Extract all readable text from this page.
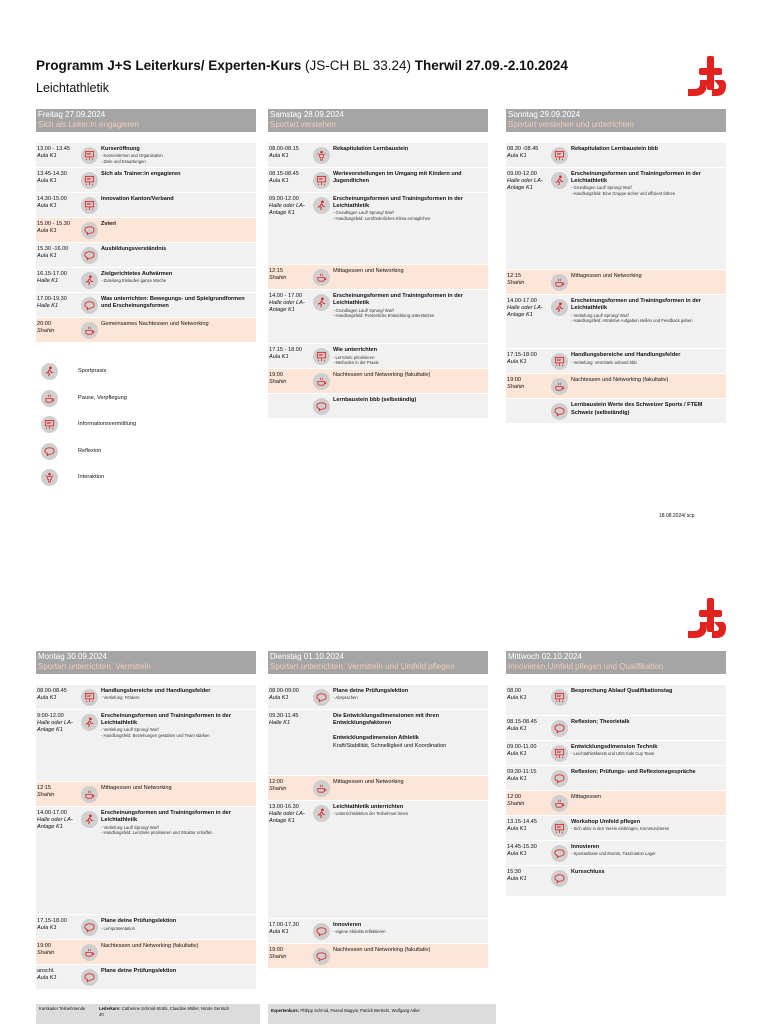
Programm J+S Leiterkurs/ Experten-Kurs (JS-CH BL 33.24) Therwil 27.09.-2.10.2024
Leichtathletik
Freitag 27.09.2024
Sich als Leiter:in engagieren
13.00 - 13.45
Aula K1
Kurseröffnung
- Kennenlernen und Organisation
- Ziele und Erwartungen
13.45-14.30
Aula K1
Sich als Trainer:in engagieren
14.30-15.00
Aula K1
Innovation Kanton/Verband
15.00 - 15.30
Aula K1
Zvieri
15.30 -16.00
Aula K1
Ausbildungsverständnis
16.15-17.00
Halle K1
Zielgerichtetes Aufwärmen
- Zuteilung Einlaufen ganze Woche
17.00-19.30
Halle K1
Was unterrichten: Bewegungs- und Spielgrundformen und Erscheinungsformen
20:00
Shahin
Gemeinsames Nachtessen und Networking
Samstag 28.09.2024
Sportart verstehen
08.00-08.15
Aula K1
Rekapitulation Lernbaustein
08.15-08.45
Aula K1
Wertevorstellungen im Umgang mit Kindern und Jugendlichen
09.00-12.00
Halle oder LA-Anlage K1
Erscheinungsformen und Trainingsformen in der Leichtathletik
- Grundlagen Lauf/ Sprung/ Wurf
- Handlungsfeld: Lernförderliches Klima ermöglichen
12:15
Shahin
Mittagessen und Networking
14.00 - 17.00
Halle oder LA-Anlage K1
Erscheinungsformen und Trainingsformen in der Leichtathletik
- Grundlagen Lauf/ Sprung/ Wurf
- Handlungsfeld: Persönliche Entwicklung unterstützen
17.15 - 18.00
Aula K1
Wie unterrichten
- Lernziele priorisieren
- Methoden in der Praxis
19:00
Shahin
Nachtessen und Networking (fakultativ)
Lernbaustein bbb (selbständig)
Sonntag 29.09.2024
Sportart verstehen und unterrichten
08.30 -08.45
Aula K1
Rekapitulation Lernbaustein bbb
09.00-12.00
Halle oder LA-Anlage K1
Erscheinungsformen und Trainingsformen in der Leichtathletik
- Grundlagen Lauf/ Sprung/ Wurf
- Handlungsfeld: Eine Gruppe sicher und effizient führen
12:15
Shahin
Mittagessen und Networking
14.00-17.00
Halle oder LA-Anlage K1
Erscheinungsformen und Trainingsformen in der Leichtathletik
- Vertiefung Lauf/ Sprung/ Wurf
- Handlungsfeld: Attraktive Aufgaben stellen und Feedback geben
17:15-18:00
Aula K1
Handlungsbereiche und Handlungsfelder
- Vertiefung: Vermitteln anhand bbb
19:00
Shahin
Nachtessen und Networking (fakultativ)
Lernbaustein Werte des Schweizer Sports / FTEM Schweiz (selbständig)
Montag 30.09.2024
Sportart unterrichten: Vermitteln
08.00-08.45
Aula K1
Handlungsbereiche und Handlungsfelder
- Vertiefung: Fördern
9:00-12.00
Halle oder LA-Anlage K1
Erscheinungsformen und Trainingsformen in der Leichtathletik
- Vertiefung Lauf/ Sprung/ Wurf
- Handlungsfeld: Beziehungen gestalten und Team stärken
12:15
Shahin
Mittagessen und Networking
14.00-17.00
Halle oder LA-Anlage K1
Erscheinungsformen und Trainingsformen in der Leichtathletik
- Vertiefung Lauf/ Sprung/ Wurf
- Handlungsfeld: Lernziele priorisieren und Struktur schaffen
17.15-18.00
Aula K1
Plane deine Prüfungslektion
- Lernpräsentation
19:00
Shahin
Nachtessen und Networking (fakultativ)
anschl.
Aula K1
Plane deine Prüfungslektion
Dienstag 01.10.2024
Sportart unterrichten: Vermitteln und Umfeld pflegen
08.00-09:00
Aula K1
Plane deine Prüfungslektion
- Absprachen
09.30-11.45
Halle K1
Die Entwicklungsdimensionen mit ihren Entwicklungsfaktoren
Entwicklungsdimension Athletik
Kraft/Stabilität, Schnelligkeit und Koordination
12:00
Shahin
Mittagessen und Networking
13.00-16.30
Halle oder LA-Anlage K1
Leichtathletik unterrichten
- Unterrichtslektion der Teilnehmer:innen
17.00-17.30
Aula K1
Innovieren
- eigene Aktivität reflektieren
19:00
Shahin
Nachtessen und Networking (fakultativ)
Mittwoch 02.10.2024
Innovieren,Umfeld pflegen und Qualifikation
08.00
Aula K1
Besprechung Ablauf Qualifikationstag
08.15-08.45
Aula K1
Reflexion; Theorietalk
09.00-11.00
Aula K1
Entwicklungsdimension Technik
- Leichtathletiktests und UBS Kids Cup Team
09:30-11:15
Aula K1
Reflexion; Prüfungs- und Reflexionsgespräche
12:00
Shahin
Mittagessen
13.15-14.45
Aula K1
Workshop Umfeld pflegen
- Sich aktiv in den Verein einbringen, Kommunizieren
14.45-15.30
Aula K1
Innovieren
- Sportanlässe und Events, Faszination Lager
15:30
Aula K1
Kursschluss
Sportpraxis
Pause, Verpflegung
Informationsvermittlung
Reflexion
Interaktion
18.08.2024/ scp
Kurskader Teilnehmende	Leiterkurs: Catherine Schmid-Strübi, Claudine Müller, Nicole Gentsch
40
Expertenkurs: Philipp Schmid, Pascal Magyar, Patrick Bertschi, Wolfgang Adler
